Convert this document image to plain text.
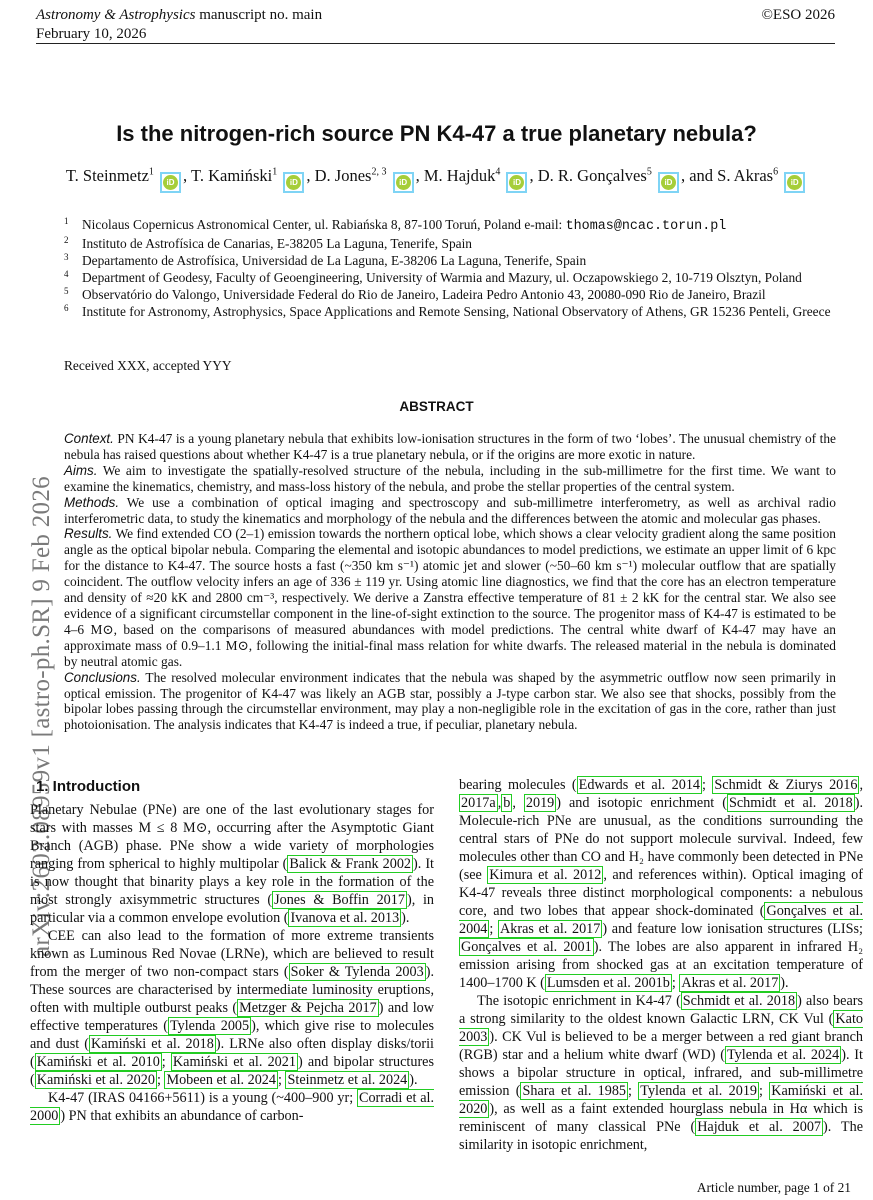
Astronomy & Astrophysics manuscript no. main
February 10, 2026
©ESO 2026
arXiv:2602.08959v1 [astro-ph.SR] 9 Feb 2026
Is the nitrogen-rich source PN K4-47 a true planetary nebula?
T. Steinmetz$^1$
iD , T. Kamiński$^1$
iD , D. Jones$^{2, 3}$
iD , M. Hajduk$^4$
iD , D. R. Gonçalves$^5$
iD , and S. Akras$^6$
iD
1 Nicolaus Copernicus Astronomical Center, ul. Rabiańska 8, 87-100 Toruń, Poland e-mail: thomas@ncac.torun.pl
2 Instituto de Astrofísica de Canarias, E-38205 La Laguna, Tenerife, Spain
3 Departamento de Astrofísica, Universidad de La Laguna, E-38206 La Laguna, Tenerife, Spain
4 Department of Geodesy, Faculty of Geoengineering, University of Warmia and Mazury, ul. Oczapowskiego 2, 10-719 Olsztyn, Poland
5 Observatório do Valongo, Universidade Federal do Rio de Janeiro, Ladeira Pedro Antonio 43, 20080-090 Rio de Janeiro, Brazil
6 Institute for Astronomy, Astrophysics, Space Applications and Remote Sensing, National Observatory of Athens, GR 15236 Penteli, Greece
Received XXX, accepted YYY
ABSTRACT

Context. PN K4-47 is a young planetary nebula that exhibits low-ionisation structures in the form of two ‘lobes’. The unusual chemistry of the nebula has raised questions about whether K4-47 is a true planetary nebula, or if the origins are more exotic in nature.

Aims. We aim to investigate the spatially-resolved structure of the nebula, including in the sub-millimetre for the first time. We want to examine the kinematics, chemistry, and mass-loss history of the nebula, and probe the stellar properties of the central system.

Methods. We use a combination of optical imaging and spectroscopy and sub-millimetre interferometry, as well as archival radio interferometric data, to study the kinematics and morphology of the nebula and the differences between the atomic and molecular gas phases.

Results. We find extended CO (2–1) emission towards the northern optical lobe, which shows a clear velocity gradient along the same position angle as the optical bipolar nebula. Comparing the elemental and isotopic abundances to model predictions, we estimate an upper limit of 6 kpc for the distance to K4-47. The source hosts a fast (~350 km s⁻¹) atomic jet and slower (~50–60 km s⁻¹) molecular outflow that are spatially coincident. The outflow velocity infers an age of 336 ± 119 yr. Using atomic line diagnostics, we find that the core has an electron temperature and density of ≈20 kK and 2800 cm⁻³, respectively. We derive a Zanstra effective temperature of 81 ± 2 kK for the central star. We also see evidence of a significant circumstellar component in the line-of-sight extinction to the source. The progenitor mass of K4-47 is estimated to be 4–6 M⊙, based on the comparisons of measured abundances with model predictions. The central white dwarf of K4-47 may have an approximate mass of 0.9–1.1 M⊙, following the initial-final mass relation for white dwarfs. The released material in the nebula is dominated by neutral atomic gas.

Conclusions. The resolved molecular environment indicates that the nebula was shaped by the asymmetric outflow now seen primarily in optical emission. The progenitor of K4-47 was likely an AGB star, possibly a J-type carbon star. We also see that shocks, possibly from the bipolar lobes passing through the circumstellar environment, may play a non-negligible role in the excitation of gas in the core, rather than just photoionisation. The analysis indicates that K4-47 is indeed a true, if peculiar, planetary nebula.

1. Introduction

Planetary Nebulae (PNe) are one of the last evolutionary stages for stars with masses M ≤ 8 M⊙, occurring after the Asymptotic Giant Branch (AGB) phase. PNe show a wide variety of morphologies ranging from spherical to highly multipolar ( Balick & Frank 2002 ). It is now thought that binarity plays a key role in the formation of the most strongly axisymmetric structures ( Jones & Boffin 2017 ), in particular via a common envelope evolution ( Ivanova et al. 2013 ).

CEE can also lead to the formation of more extreme transients known as Luminous Red Novae (LRNe), which are believed to result from the merger of two non-compact stars ( Soker & Tylenda 2003 ). These sources are characterised by intermediate luminosity eruptions, often with multiple outburst peaks ( Metzger & Pejcha 2017 ) and low effective temperatures ( Tylenda 2005 ), which give rise to molecules and dust ( Kamiński et al. 2018 ). LRNe also often display disks/torii ( Kamiński et al. 2010 ; Kamiński et al. 2021 ) and bipolar structures ( Kamiński et al. 2020 ; Mobeen et al. 2024 ; Steinmetz et al. 2024 ).

K4-47 (IRAS 04166+5611) is a young (~400–900 yr; Corradi et al. 2000 ) PN that exhibits an abundance of carbon-

bearing molecules ( Edwards et al. 2014 ; Schmidt & Ziurys 2016 , 2017a , b , 2019 ) and isotopic enrichment ( Schmidt et al. 2018 ). Molecule-rich PNe are unusual, as the conditions surrounding the central stars of PNe do not support molecule survival. Indeed, few molecules other than CO and H₂ have commonly been detected in PNe (see Kimura et al. 2012 , and references within). Optical imaging of K4-47 reveals three distinct morphological components: a nebulous core, and two lobes that appear shock-dominated ( Gonçalves et al. 2004 ; Akras et al. 2017 ) and feature low ionisation structures (LISs; Gonçalves et al. 2001 ). The lobes are also apparent in infrared H₂ emission arising from shocked gas at an excitation temperature of 1400–1700 K ( Lumsden et al. 2001b ; Akras et al. 2017 ).

The isotopic enrichment in K4-47 ( Schmidt et al. 2018 ) also bears a strong similarity to the oldest known Galactic LRN, CK Vul ( Kato 2003 ). CK Vul is believed to be a merger between a red giant branch (RGB) star and a helium white dwarf (WD) ( Tylenda et al. 2024 ). It shows a bipolar structure in optical, infrared, and sub-millimetre emission ( Shara et al. 1985 ; Tylenda et al. 2019 ; Kamiński et al. 2020 ), as well as a faint extended hourglass nebula in Hα which is reminiscent of many classical PNe ( Hajduk et al. 2007 ). The similarity in isotopic enrichment,

Article number, page 1 of 21
